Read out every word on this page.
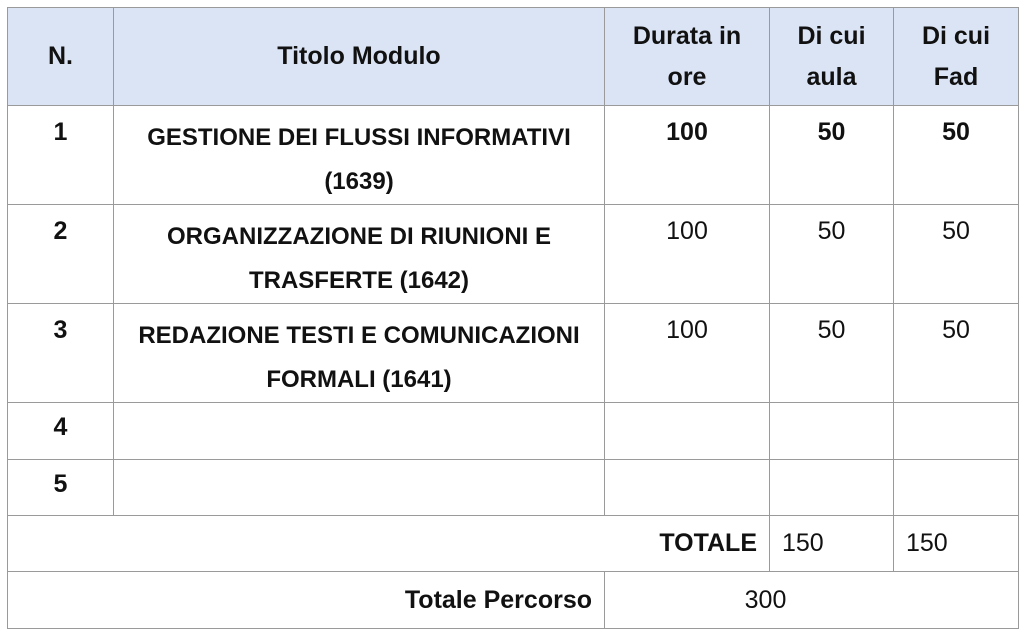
N.	Titolo Modulo	Durata in ore	Di cui aula	Di cui Fad
1	GESTIONE DEI FLUSSI INFORMATIVI (1639)	100	50	50
2	ORGANIZZAZIONE DI RIUNIONI E TRASFERTE (1642)	100	50	50
3	REDAZIONE TESTI E COMUNICAZIONI FORMALI (1641)	100	50	50
4				
5				
TOTALE			150	150
Totale Percorso		300		
